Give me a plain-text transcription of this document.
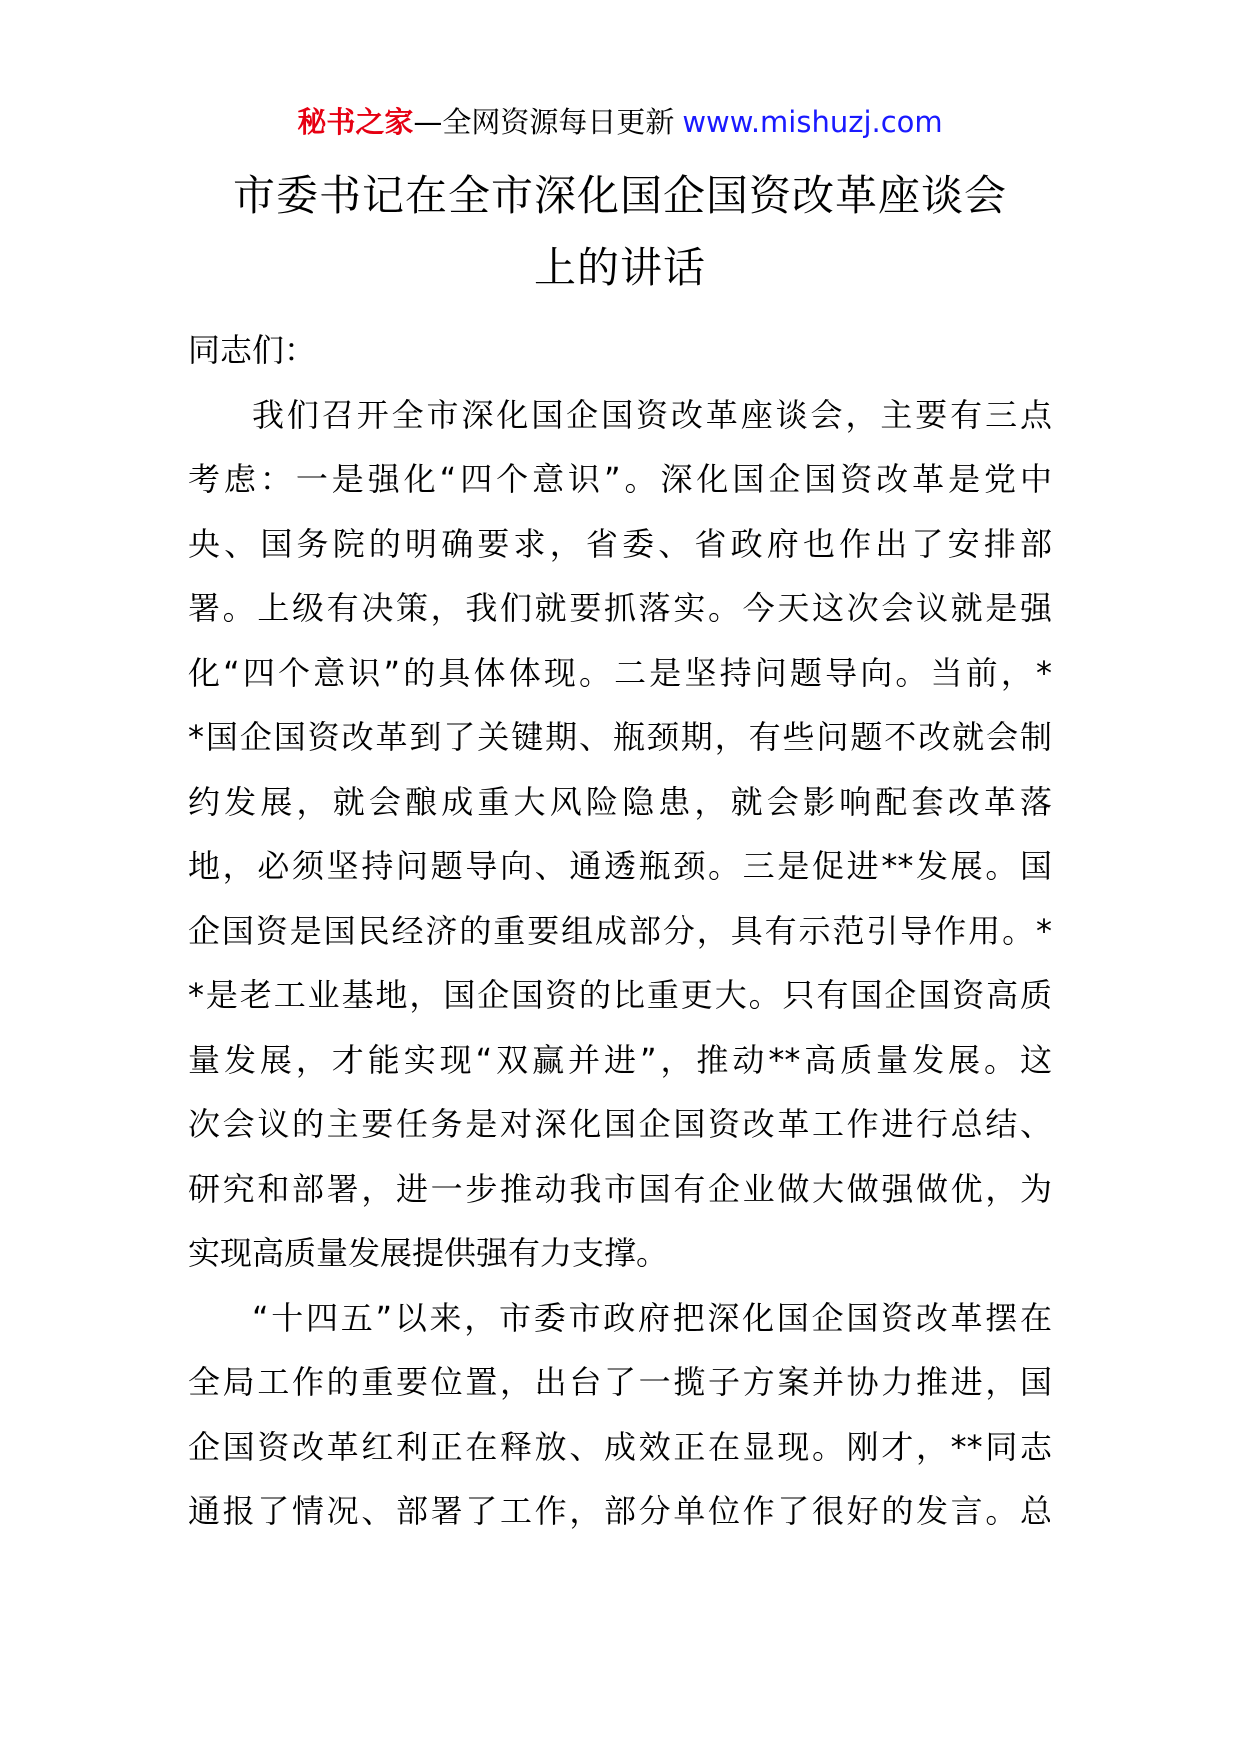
秘书之家—全网资源每日更新 www.mishuzj.com
市委书记在全市深化国企国资改革座谈会
上的讲话

同志们：

我们召开全市深化国企国资改革座谈会，主要有三点
考虑：一是强化“四个意识”。深化国企国资改革是党中
央、国务院的明确要求，省委、省政府也作出了安排部
署。上级有决策，我们就要抓落实。今天这次会议就是强
化“四个意识”的具体体现。二是坚持问题导向。当前，*
*国企国资改革到了关键期、瓶颈期，有些问题不改就会制
约发展，就会酿成重大风险隐患，就会影响配套改革落
地，必须坚持问题导向、通透瓶颈。三是促进**发展。国
企国资是国民经济的重要组成部分，具有示范引导作用。*
*是老工业基地，国企国资的比重更大。只有国企国资高质
量发展，才能实现“双赢并进”，推动**高质量发展。这
次会议的主要任务是对深化国企国资改革工作进行总结、
研究和部署，进一步推动我市国有企业做大做强做优，为
实现高质量发展提供强有力支撑。
“十四五”以来，市委市政府把深化国企国资改革摆在
全局工作的重要位置，出台了一揽子方案并协力推进，国
企国资改革红利正在释放、成效正在显现。刚才，**同志
通报了情况、部署了工作，部分单位作了很好的发言。总
